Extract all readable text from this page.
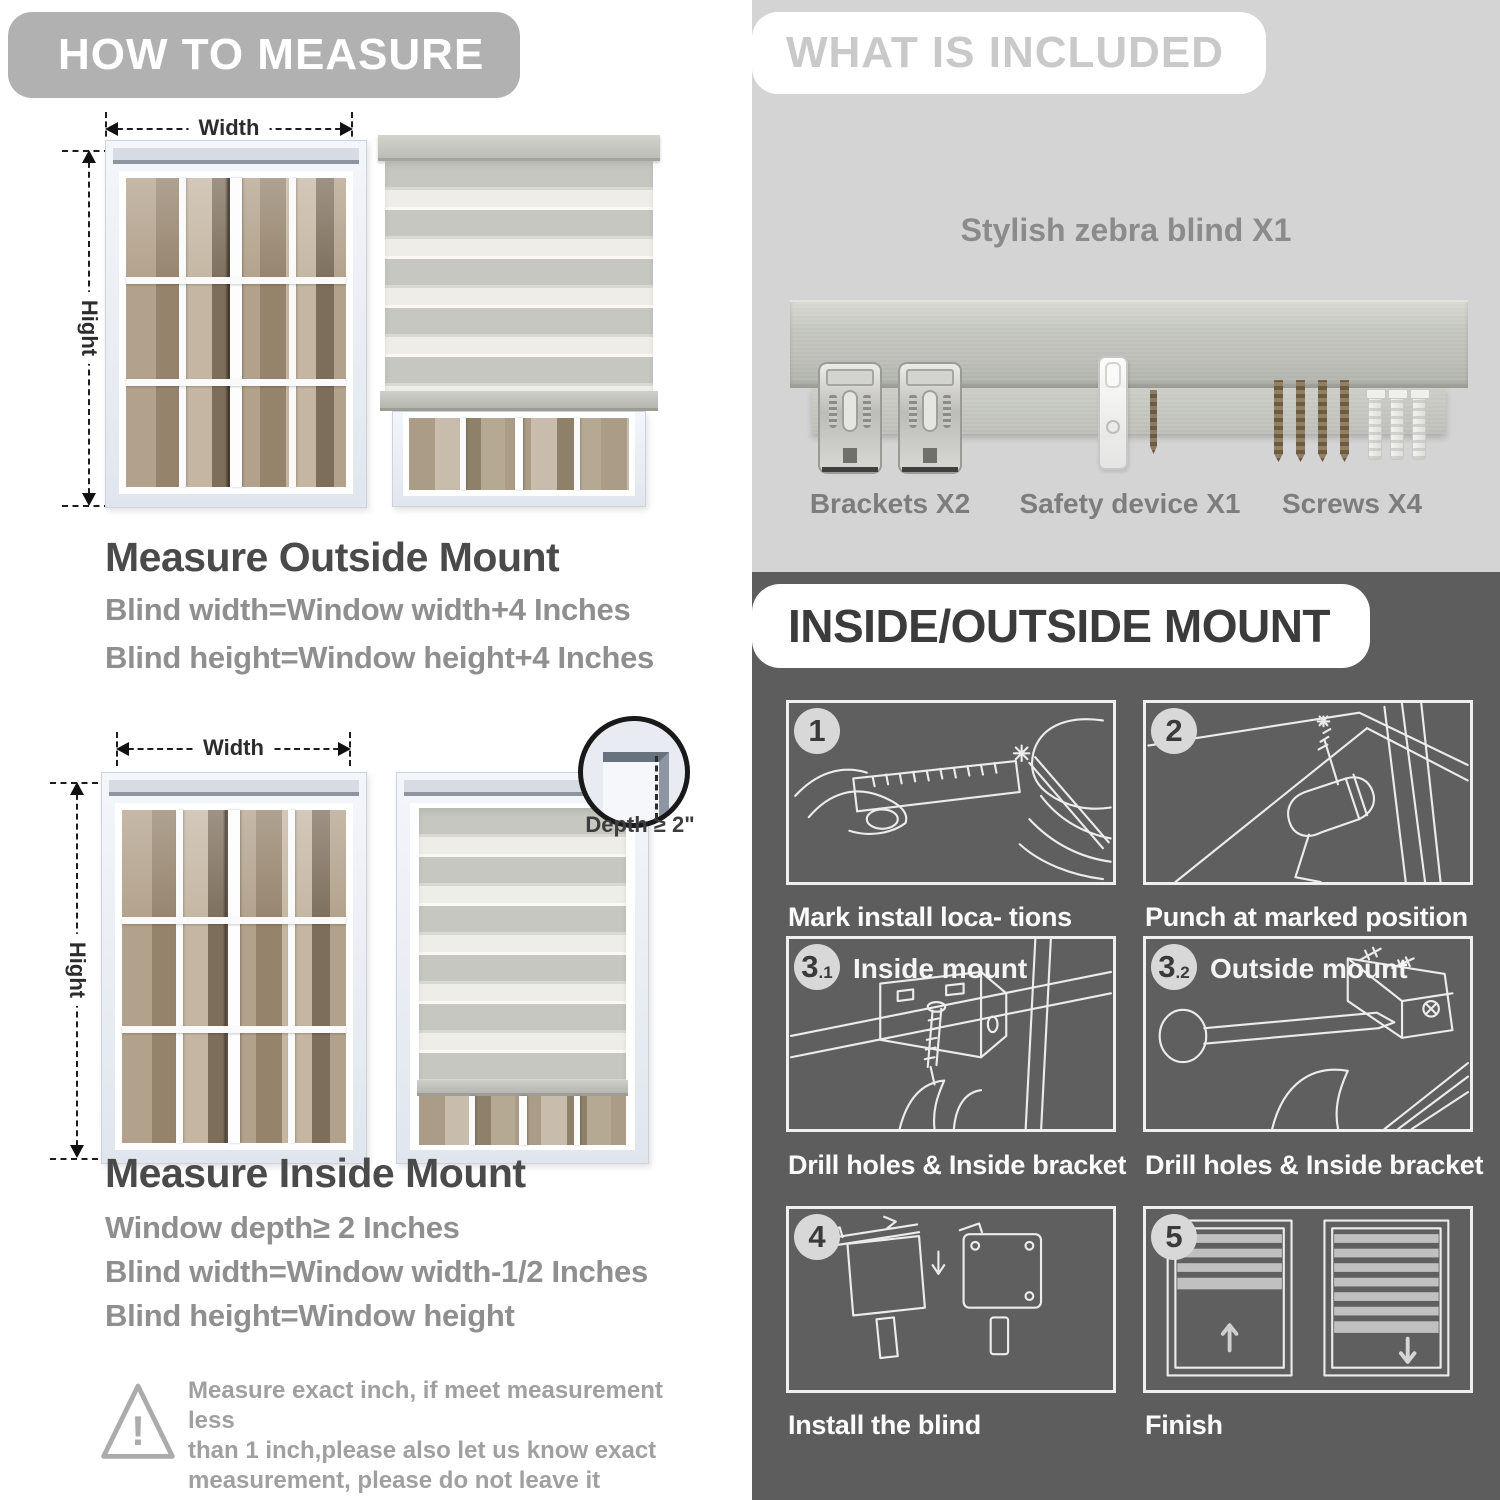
HOW TO MEASURE
Width
Hight
Measure Outside Mount
Blind width=Window width+4 Inches
Blind height=Window height+4 Inches
Width
Hight
Depth ≥ 2"
Measure Inside Mount
Window depth≥ 2 Inches
Blind width=Window width-1/2 Inches
Blind height=Window height
!
Measure exact inch, if meet measurement less
than 1 inch,please also let us know exact
measurement, please do not leave it
WHAT IS INCLUDED
Stylish zebra blind X1
Brackets X2	Safety device X1	Screws X4
INSIDE/OUTSIDE MOUNT
1
Mark install loca- tions
2
Punch at marked position
3 .1 Inside mount
Drill holes & Inside bracket
3 .2 Outside mount
Drill holes & Inside bracket
4
Install the blind
5
Finish
